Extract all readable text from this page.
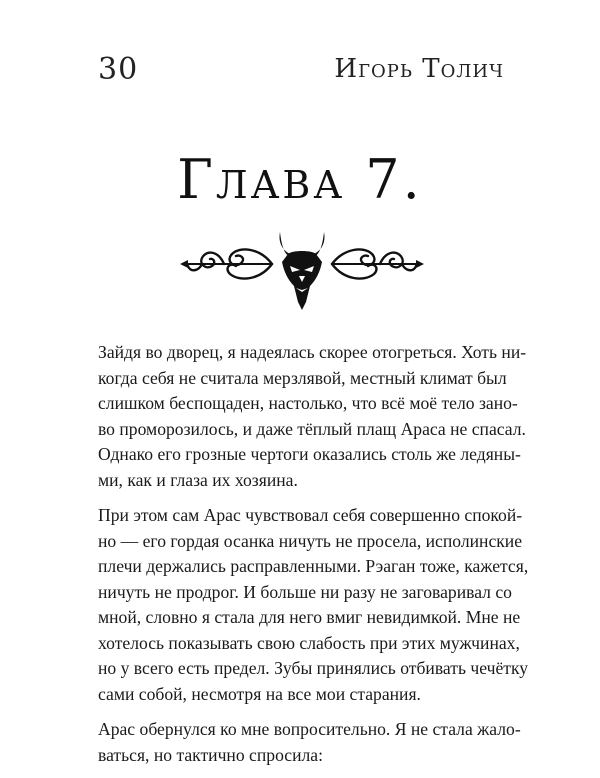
30	Игорь Толич
Глава 7.
Зайдя во дворец, я надеялась скорее отогреться. Хоть ни-
когда себя не считала мерзлявой, местный климат был
слишком беспощаден, настолько, что всё моё тело зано-
во проморозилось, и даже тёплый плащ Араса не спасал.
Однако его грозные чертоги оказались столь же ледяны-
ми, как и глаза их хозяина.
При этом сам Арас чувствовал себя совершенно спокой-
но — его гордая осанка ничуть не просела, исполинские
плечи держались расправленными. Рэаган тоже, кажется,
ничуть не продрог. И больше ни разу не заговаривал со
мной, словно я стала для него вмиг невидимкой. Мне не
хотелось показывать свою слабость при этих мужчинах,
но у всего есть предел. Зубы принялись отбивать чечётку
сами собой, несмотря на все мои старания.
Арас обернулся ко мне вопросительно. Я не стала жало-
ваться, но тактично спросила:
